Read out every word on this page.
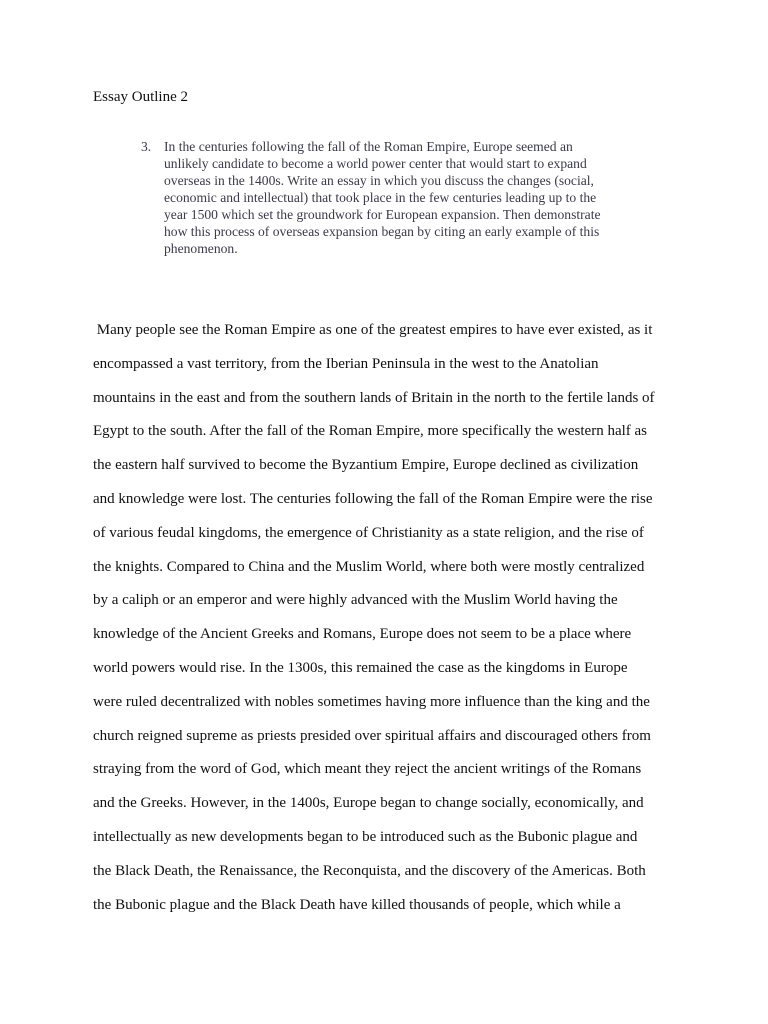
Essay Outline 2
3. In the centuries following the fall of the Roman Empire, Europe seemed an
unlikely candidate to become a world power center that would start to expand
overseas in the 1400s. Write an essay in which you discuss the changes (social,
economic and intellectual) that took place in the few centuries leading up to the
year 1500 which set the groundwork for European expansion. Then demonstrate
how this process of overseas expansion began by citing an early example of this
phenomenon.
Many people see the Roman Empire as one of the greatest empires to have ever existed, as it
encompassed a vast territory, from the Iberian Peninsula in the west to the Anatolian
mountains in the east and from the southern lands of Britain in the north to the fertile lands of
Egypt to the south. After the fall of the Roman Empire, more specifically the western half as
the eastern half survived to become the Byzantium Empire, Europe declined as civilization
and knowledge were lost. The centuries following the fall of the Roman Empire were the rise
of various feudal kingdoms, the emergence of Christianity as a state religion, and the rise of
the knights. Compared to China and the Muslim World, where both were mostly centralized
by a caliph or an emperor and were highly advanced with the Muslim World having the
knowledge of the Ancient Greeks and Romans, Europe does not seem to be a place where
world powers would rise. In the 1300s, this remained the case as the kingdoms in Europe
were ruled decentralized with nobles sometimes having more influence than the king and the
church reigned supreme as priests presided over spiritual affairs and discouraged others from
straying from the word of God, which meant they reject the ancient writings of the Romans
and the Greeks. However, in the 1400s, Europe began to change socially, economically, and
intellectually as new developments began to be introduced such as the Bubonic plague and
the Black Death, the Renaissance, the Reconquista, and the discovery of the Americas. Both
the Bubonic plague and the Black Death have killed thousands of people, which while a
